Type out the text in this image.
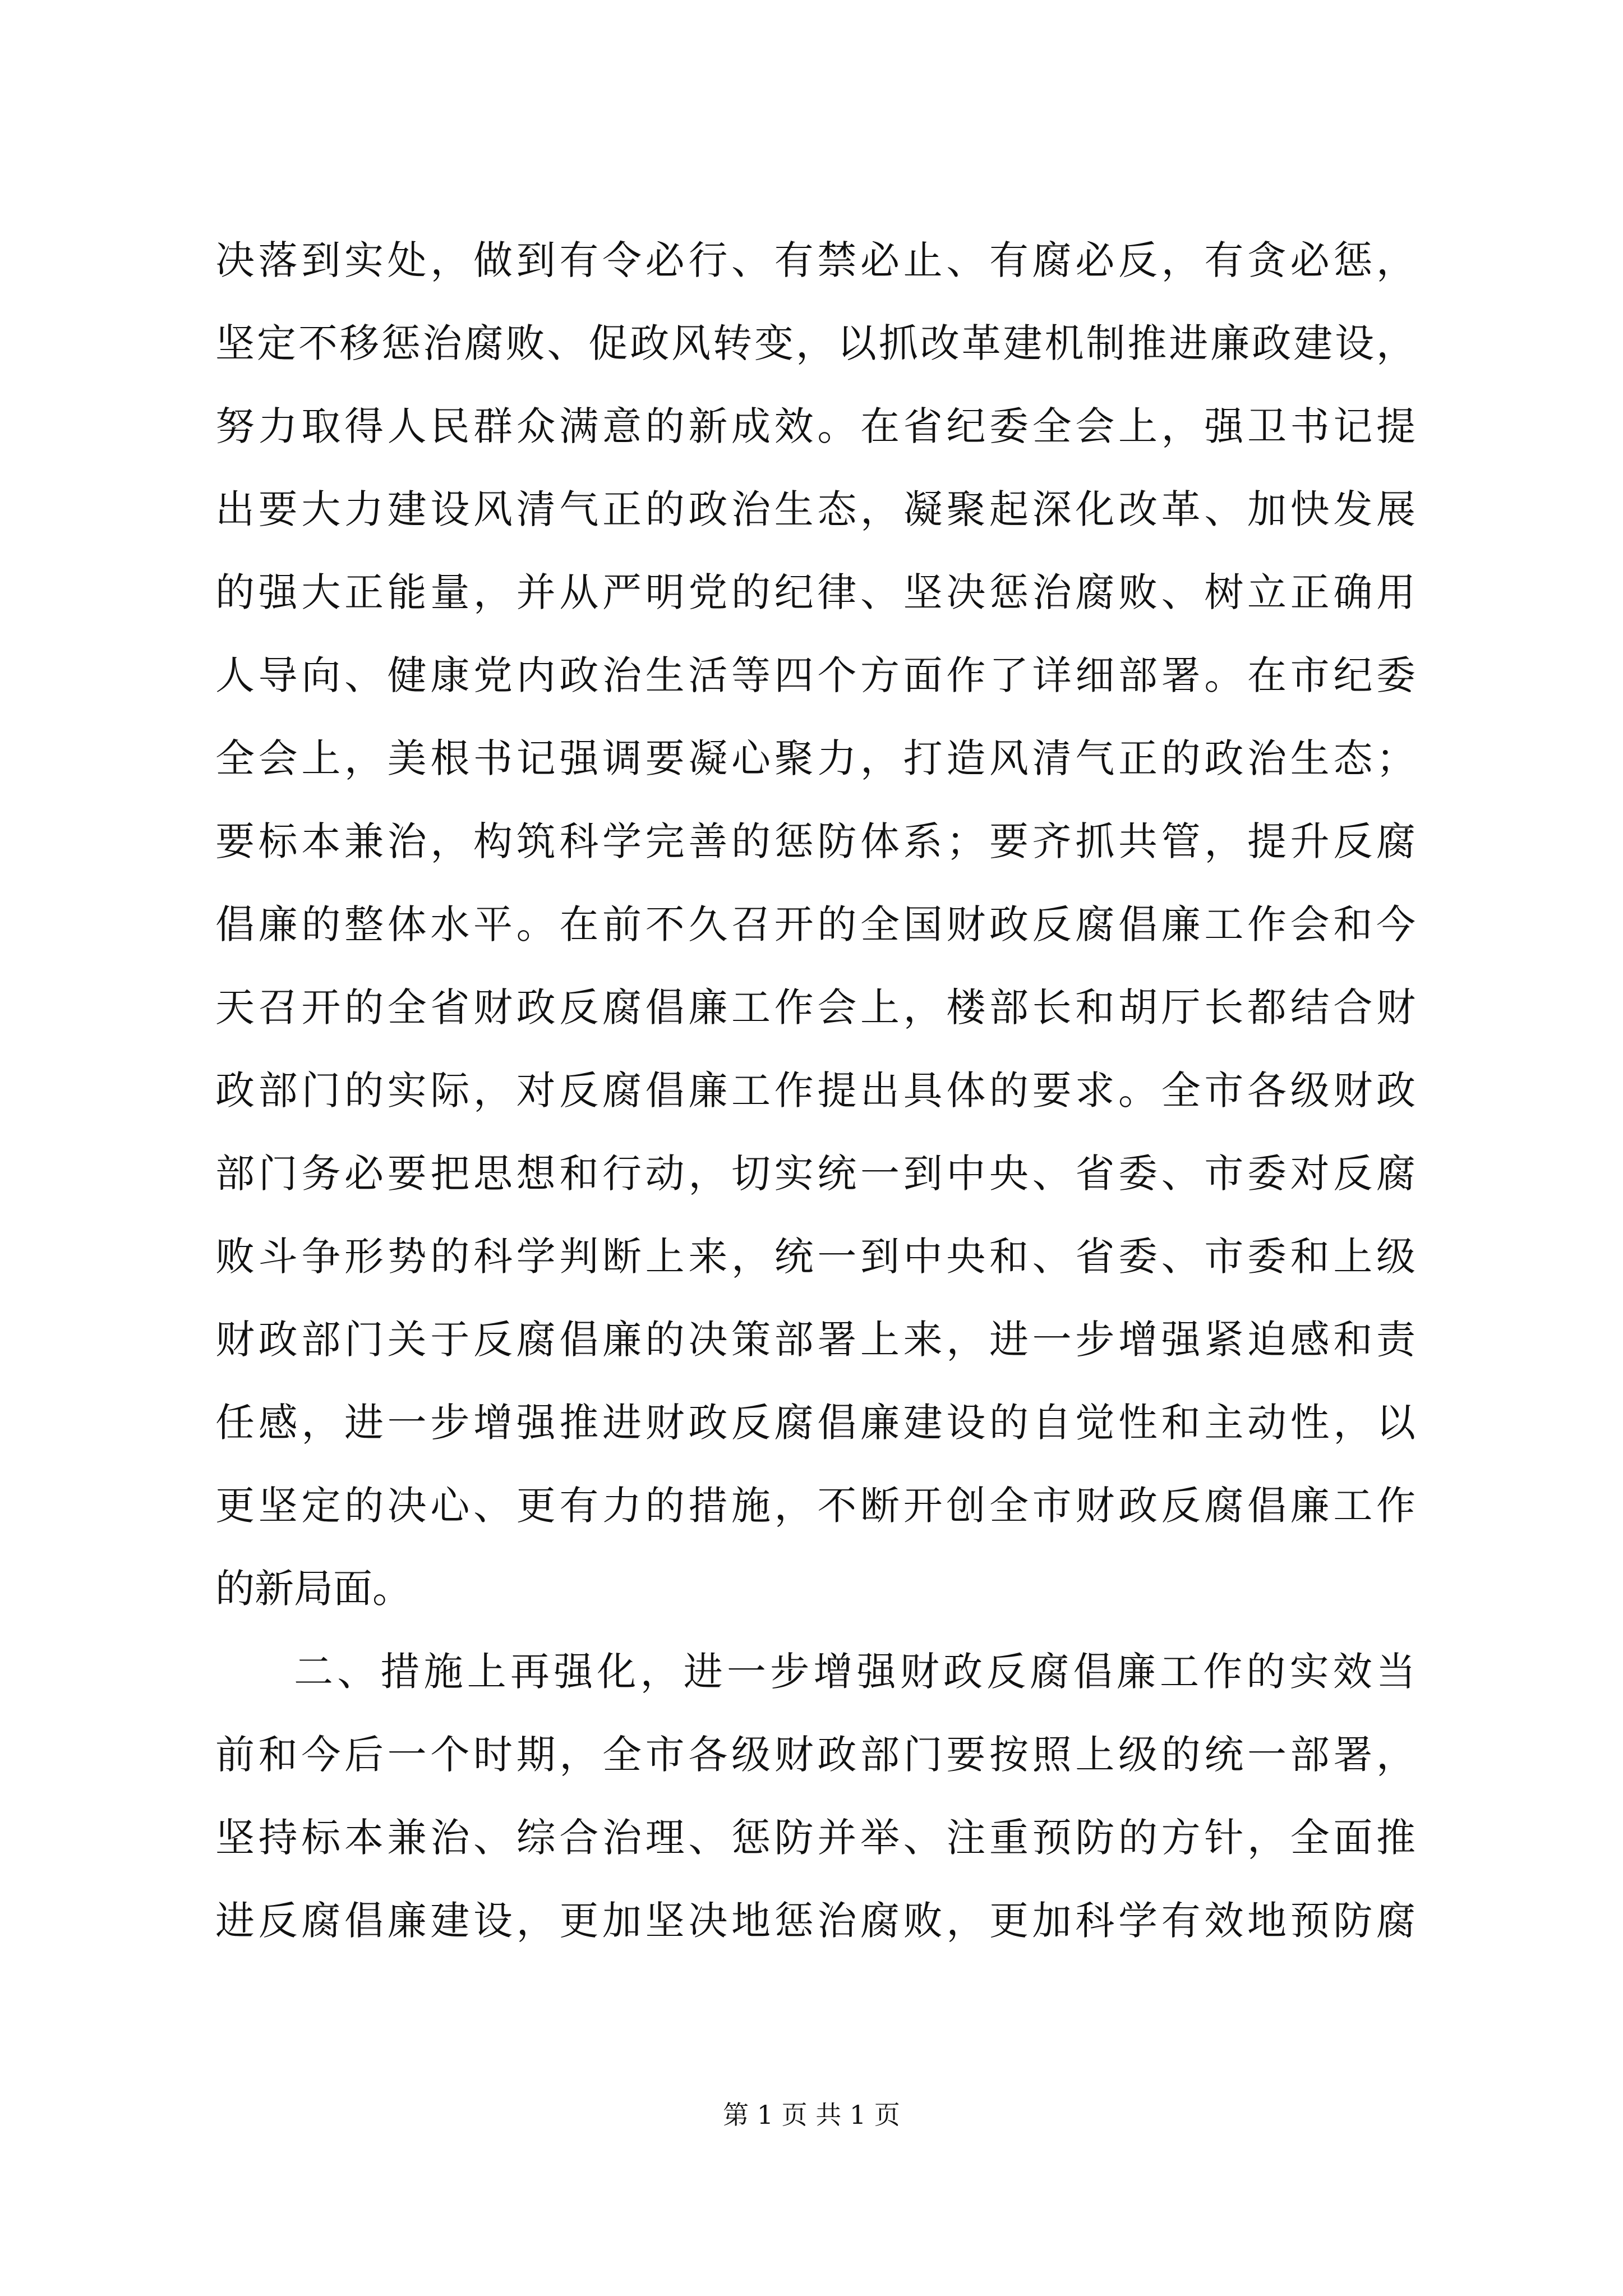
决落到实处，做到有令必行、有禁必止、有腐必反，有贪必惩，
坚定不移惩治腐败、促政风转变，以抓改革建机制推进廉政建设，
努力取得人民群众满意的新成效。在省纪委全会上，强卫书记提
出要大力建设风清气正的政治生态，凝聚起深化改革、加快发展
的强大正能量，并从严明党的纪律、坚决惩治腐败、树立正确用
人导向、健康党内政治生活等四个方面作了详细部署。在市纪委
全会上，美根书记强调要凝心聚力，打造风清气正的政治生态；
要标本兼治，构筑科学完善的惩防体系；要齐抓共管，提升反腐
倡廉的整体水平。在前不久召开的全国财政反腐倡廉工作会和今
天召开的全省财政反腐倡廉工作会上，楼部长和胡厅长都结合财
政部门的实际，对反腐倡廉工作提出具体的要求。全市各级财政
部门务必要把思想和行动，切实统一到中央、省委、市委对反腐
败斗争形势的科学判断上来，统一到中央和、省委、市委和上级
财政部门关于反腐倡廉的决策部署上来，进一步增强紧迫感和责
任感，进一步增强推进财政反腐倡廉建设的自觉性和主动性，以
更坚定的决心、更有力的措施，不断开创全市财政反腐倡廉工作
的新局面。
二、措施上再强化，进一步增强财政反腐倡廉工作的实效当
前和今后一个时期，全市各级财政部门要按照上级的统一部署，
坚持标本兼治、综合治理、惩防并举、注重预防的方针，全面推
进反腐倡廉建设，更加坚决地惩治腐败，更加科学有效地预防腐
第 1 页 共 1 页
